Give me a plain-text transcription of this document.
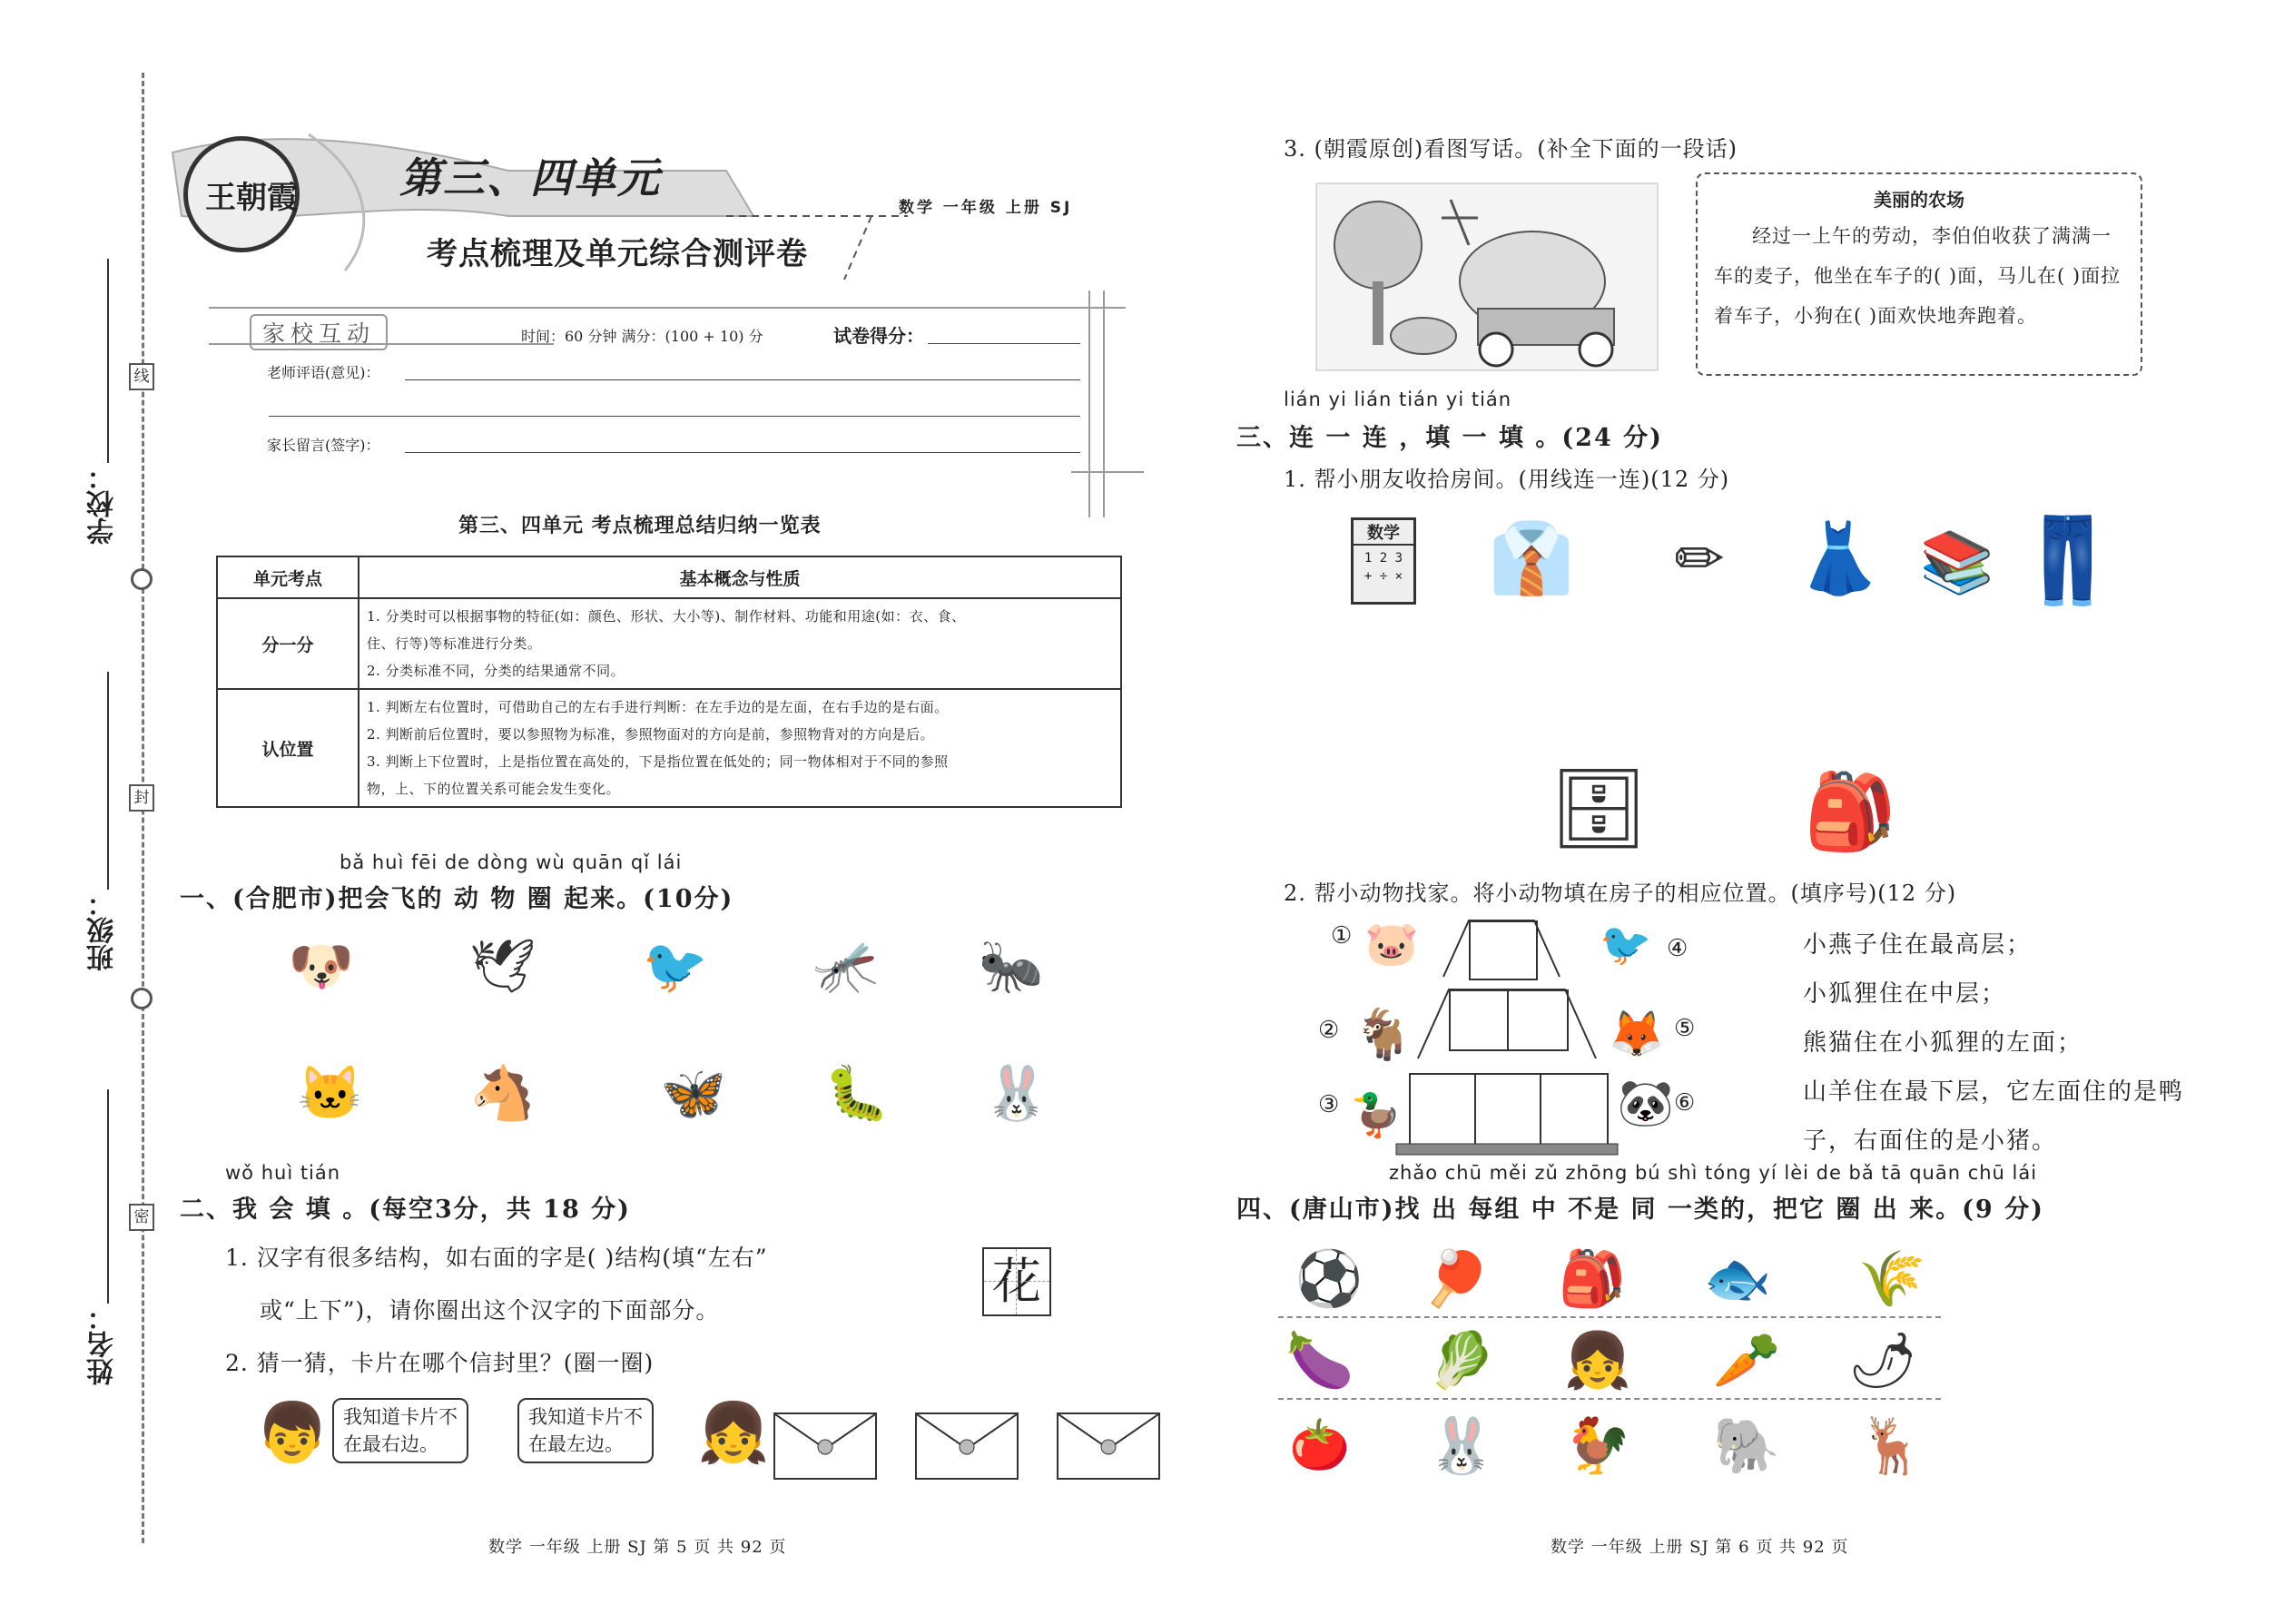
线
封
密
学校：
班级：
姓名：
王朝霞 第三、四单元
数学 一年级 上册 SJ
考点梳理及单元综合测评卷
家校互动	时间：60 分钟 满分：(100 + 10) 分	试卷得分：
老师评语(意见)：
家长留言(签字)：
第三、四单元 考点梳理总结归纳一览表
单元考点	基本概念与性质
分一分	1. 分类时可以根据事物的特征(如：颜色、形状、大小等)、制作材料、功能和用途(如：衣、食、
住、行等)等标准进行分类。
2. 分类标准不同，分类的结果通常不同。

认位置	1. 判断左右位置时，可借助自己的左右手进行判断：在左手边的是左面，在右手边的是右面。
2. 判断前后位置时，要以参照物为标准，参照物面对的方向是前，参照物背对的方向是后。
3. 判断上下位置时，上是指位置在高处的，下是指位置在低处的；同一物体相对于不同的参照
物，上、下的位置关系可能会发生变化。
bǎ huì fēi de dòng wù quān qǐ lái
一、(合肥市)把会飞的 动 物 圈 起来。(10分)
🐶 🕊 🐦 🦟 🐜
🐱 🐴 🦋 🐛 🐰
wǒ huì tián
二、我 会 填 。(每空3分，共 18 分)
1. 汉字有很多结构，如右面的字是( )结构(填“左右”
或“上下”)，请你圈出这个汉字的下面部分。
花
2. 猜一猜，卡片在哪个信封里？(圈一圈)
👦 我知道卡片不
在最右边。
我知道卡片不
在最左边。	👧
数学 一年级 上册 SJ 第 5 页 共 92 页
3. (朝霞原创)看图写话。(补全下面的一段话)
美丽的农场
经过一上午的劳动，李伯伯收获了满满一车的麦子，他坐在车子的( )面，马儿在( )面拉着车子，小狗在( )面欢快地奔跑着。
lián yi lián tián yi tián
三、连 一 连 ，填 一 填 。(24 分)
1. 帮小朋友收拾房间。(用线连一连)(12 分)
数学
1 2 3
+ ÷ × 👔	✏	👗 📚 👖
🗄 🎒
2. 帮小动物找家。将小动物填在房子的相应位置。(填序号)(12 分)
① 🐷
② 🐐
③ 🦆
🐦 ④
🦊 ⑤
🐼 ⑥
小燕子住在最高层；
小狐狸住在中层；
熊猫住在小狐狸的左面；
山羊住在最下层，它左面住的是鸭
子，右面住的是小猪。
zhǎo chū měi zǔ zhōng bú shì tóng yí lèi de bǎ tā quān chū lái
四、(唐山市)找 出 每组 中 不是 同 一类的，把它 圈 出 来。(9 分)
⚽ 🏓 🎒 🐟 🌾
🍆 🥬 👧 🥕 🌶
🍅 🐰 🐓 🐘 🦌
数学 一年级 上册 SJ 第 6 页 共 92 页
